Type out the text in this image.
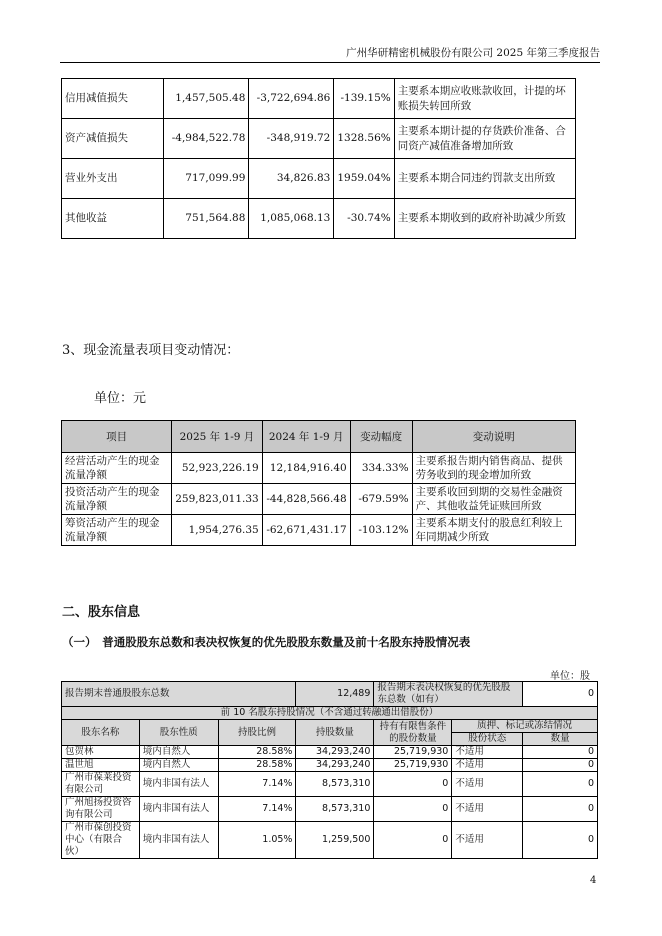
广州华研精密机械股份有限公司 2025 年第三季度报告
信用减值损失	1,457,505.48	-3,722,694.86	-139.15%	主要系本期应收账款收回，计提的坏账损失转回所致
资产减值损失	-4,984,522.78	-348,919.72	1328.56%	主要系本期计提的存货跌价准备、合同资产减值准备增加所致
营业外支出	717,099.99	34,826.83	1959.04%	主要系本期合同违约罚款支出所致
其他收益	751,564.88	1,085,068.13	-30.74%	主要系本期收到的政府补助减少所致
3、现金流量表项目变动情况：
单位：元
项目	2025 年 1-9 月	2024 年 1-9 月	变动幅度	变动说明
经营活动产生的现金流量净额	52,923,226.19	12,184,916.40	334.33%	主要系报告期内销售商品、提供劳务收到的现金增加所致
投资活动产生的现金流量净额	259,823,011.33	-44,828,566.48	-679.59%	主要系收回到期的交易性金融资产、其他收益凭证赎回所致
筹资活动产生的现金流量净额	1,954,276.35	-62,671,431.17	-103.12%	主要系本期支付的股息红利较上年同期减少所致
二、股东信息
（一）　普通股股东总数和表决权恢复的优先股股东数量及前十名股东持股情况表
单位：股
报告期末普通股股东总数			12,489	报告期末表决权恢复的优先股股东总数（如有）		0
前 10 名股东持股情况（不含通过转融通出借股份）						
股东名称	股东性质	持股比例	持股数量	持有有限售条件的股份数量	质押、标记或冻结情况	
					股份状态	数量
包贺林	境内自然人	28.58%	34,293,240	25,719,930	不适用	0
温世旭	境内自然人	28.58%	34,293,240	25,719,930	不适用	0
广州市葆莱投资有限公司	境内非国有法人	7.14%	8,573,310	0	不适用	0
广州旭扬投资咨询有限公司	境内非国有法人	7.14%	8,573,310	0	不适用	0
广州市葆创投资中心（有限合伙）	境内非国有法人	1.05%	1,259,500	0	不适用	0
4
